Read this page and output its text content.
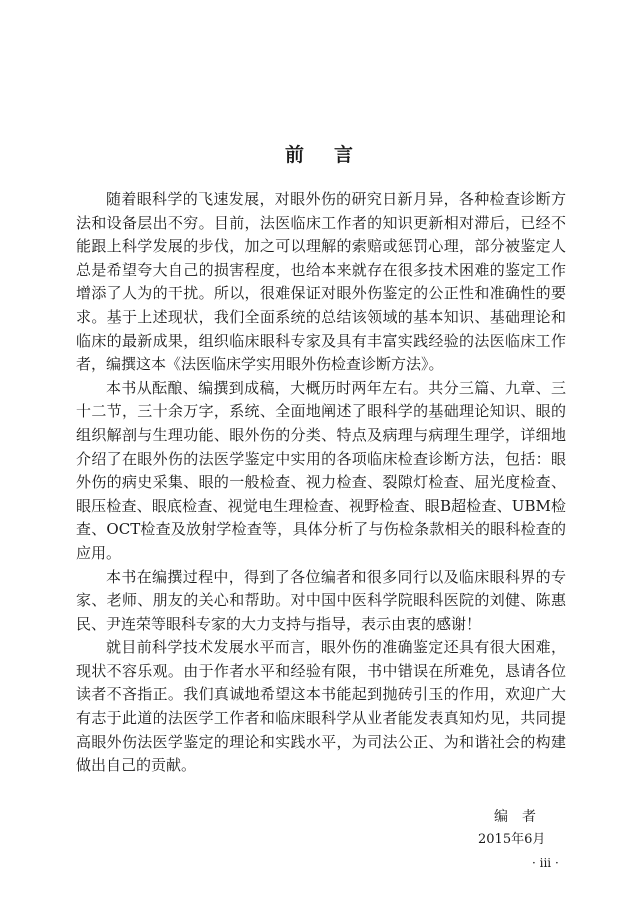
前言

随着眼科学的飞速发展，对眼外伤的研究日新月异，各种检查诊断方法和设备层出不穷。目前，法医临床工作者的知识更新相对滞后，已经不能跟上科学发展的步伐，加之可以理解的索赔或惩罚心理，部分被鉴定人总是希望夸大自己的损害程度，也给本来就存在很多技术困难的鉴定工作增添了人为的干扰。所以，很难保证对眼外伤鉴定的公正性和准确性的要求。基于上述现状，我们全面系统的总结该领域的基本知识、基础理论和临床的最新成果，组织临床眼科专家及具有丰富实践经验的法医临床工作者，编撰这本《法医临床学实用眼外伤检查诊断方法》。

本书从酝酿、编撰到成稿，大概历时两年左右。共分三篇、九章、三十二节，三十余万字，系统、全面地阐述了眼科学的基础理论知识、眼的组织解剖与生理功能、眼外伤的分类、特点及病理与病理生理学，详细地介绍了在眼外伤的法医学鉴定中实用的各项临床检查诊断方法，包括：眼外伤的病史采集、眼的一般检查、视力检查、裂隙灯检查、屈光度检查、眼压检查、眼底检查、视觉电生理检查、视野检查、眼B超检查、UBM检查、OCT检查及放射学检查等，具体分析了与伤检条款相关的眼科检查的应用。

本书在编撰过程中，得到了各位编者和很多同行以及临床眼科界的专家、老师、朋友的关心和帮助。对中国中医科学院眼科医院的刘健、陈惠民、尹连荣等眼科专家的大力支持与指导，表示由衷的感谢！

就目前科学技术发展水平而言，眼外伤的准确鉴定还具有很大困难，现状不容乐观。由于作者水平和经验有限，书中错误在所难免，恳请各位读者不吝指正。我们真诚地希望这本书能起到抛砖引玉的作用，欢迎广大有志于此道的法医学工作者和临床眼科学从业者能发表真知灼见，共同提高眼外伤法医学鉴定的理论和实践水平，为司法公正、为和谐社会的构建做出自己的贡献。

编者
2015年6月
· iii ·
